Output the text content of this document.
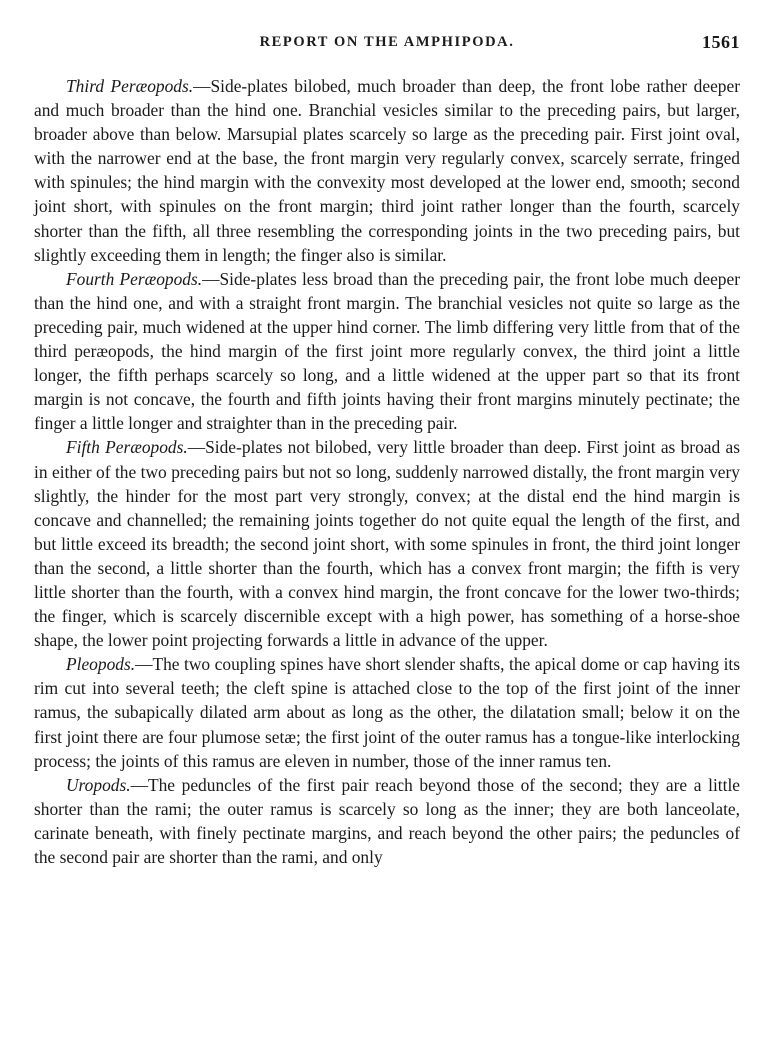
REPORT ON THE AMPHIPODA.	1561

Third Peræopods.—Side-plates bilobed, much broader than deep, the front lobe rather deeper and much broader than the hind one. Branchial vesicles similar to the preceding pairs, but larger, broader above than below. Marsupial plates scarcely so large as the preceding pair. First joint oval, with the narrower end at the base, the front margin very regularly convex, scarcely serrate, fringed with spinules; the hind margin with the convexity most developed at the lower end, smooth; second joint short, with spinules on the front margin; third joint rather longer than the fourth, scarcely shorter than the fifth, all three resembling the corresponding joints in the two preceding pairs, but slightly exceeding them in length; the finger also is similar.

Fourth Peræopods.—Side-plates less broad than the preceding pair, the front lobe much deeper than the hind one, and with a straight front margin. The branchial vesicles not quite so large as the preceding pair, much widened at the upper hind corner. The limb differing very little from that of the third peræopods, the hind margin of the first joint more regularly convex, the third joint a little longer, the fifth perhaps scarcely so long, and a little widened at the upper part so that its front margin is not concave, the fourth and fifth joints having their front margins minutely pectinate; the finger a little longer and straighter than in the preceding pair.

Fifth Peræopods.—Side-plates not bilobed, very little broader than deep. First joint as broad as in either of the two preceding pairs but not so long, suddenly narrowed distally, the front margin very slightly, the hinder for the most part very strongly, convex; at the distal end the hind margin is concave and channelled; the remaining joints together do not quite equal the length of the first, and but little exceed its breadth; the second joint short, with some spinules in front, the third joint longer than the second, a little shorter than the fourth, which has a convex front margin; the fifth is very little shorter than the fourth, with a convex hind margin, the front concave for the lower two-thirds; the finger, which is scarcely discernible except with a high power, has something of a horse-shoe shape, the lower point projecting forwards a little in advance of the upper.

Pleopods.—The two coupling spines have short slender shafts, the apical dome or cap having its rim cut into several teeth; the cleft spine is attached close to the top of the first joint of the inner ramus, the subapically dilated arm about as long as the other, the dilatation small; below it on the first joint there are four plumose setæ; the first joint of the outer ramus has a tongue-like interlocking process; the joints of this ramus are eleven in number, those of the inner ramus ten.

Uropods.—The peduncles of the first pair reach beyond those of the second; they are a little shorter than the rami; the outer ramus is scarcely so long as the inner; they are both lanceolate, carinate beneath, with finely pectinate margins, and reach beyond the other pairs; the peduncles of the second pair are shorter than the rami, and only
